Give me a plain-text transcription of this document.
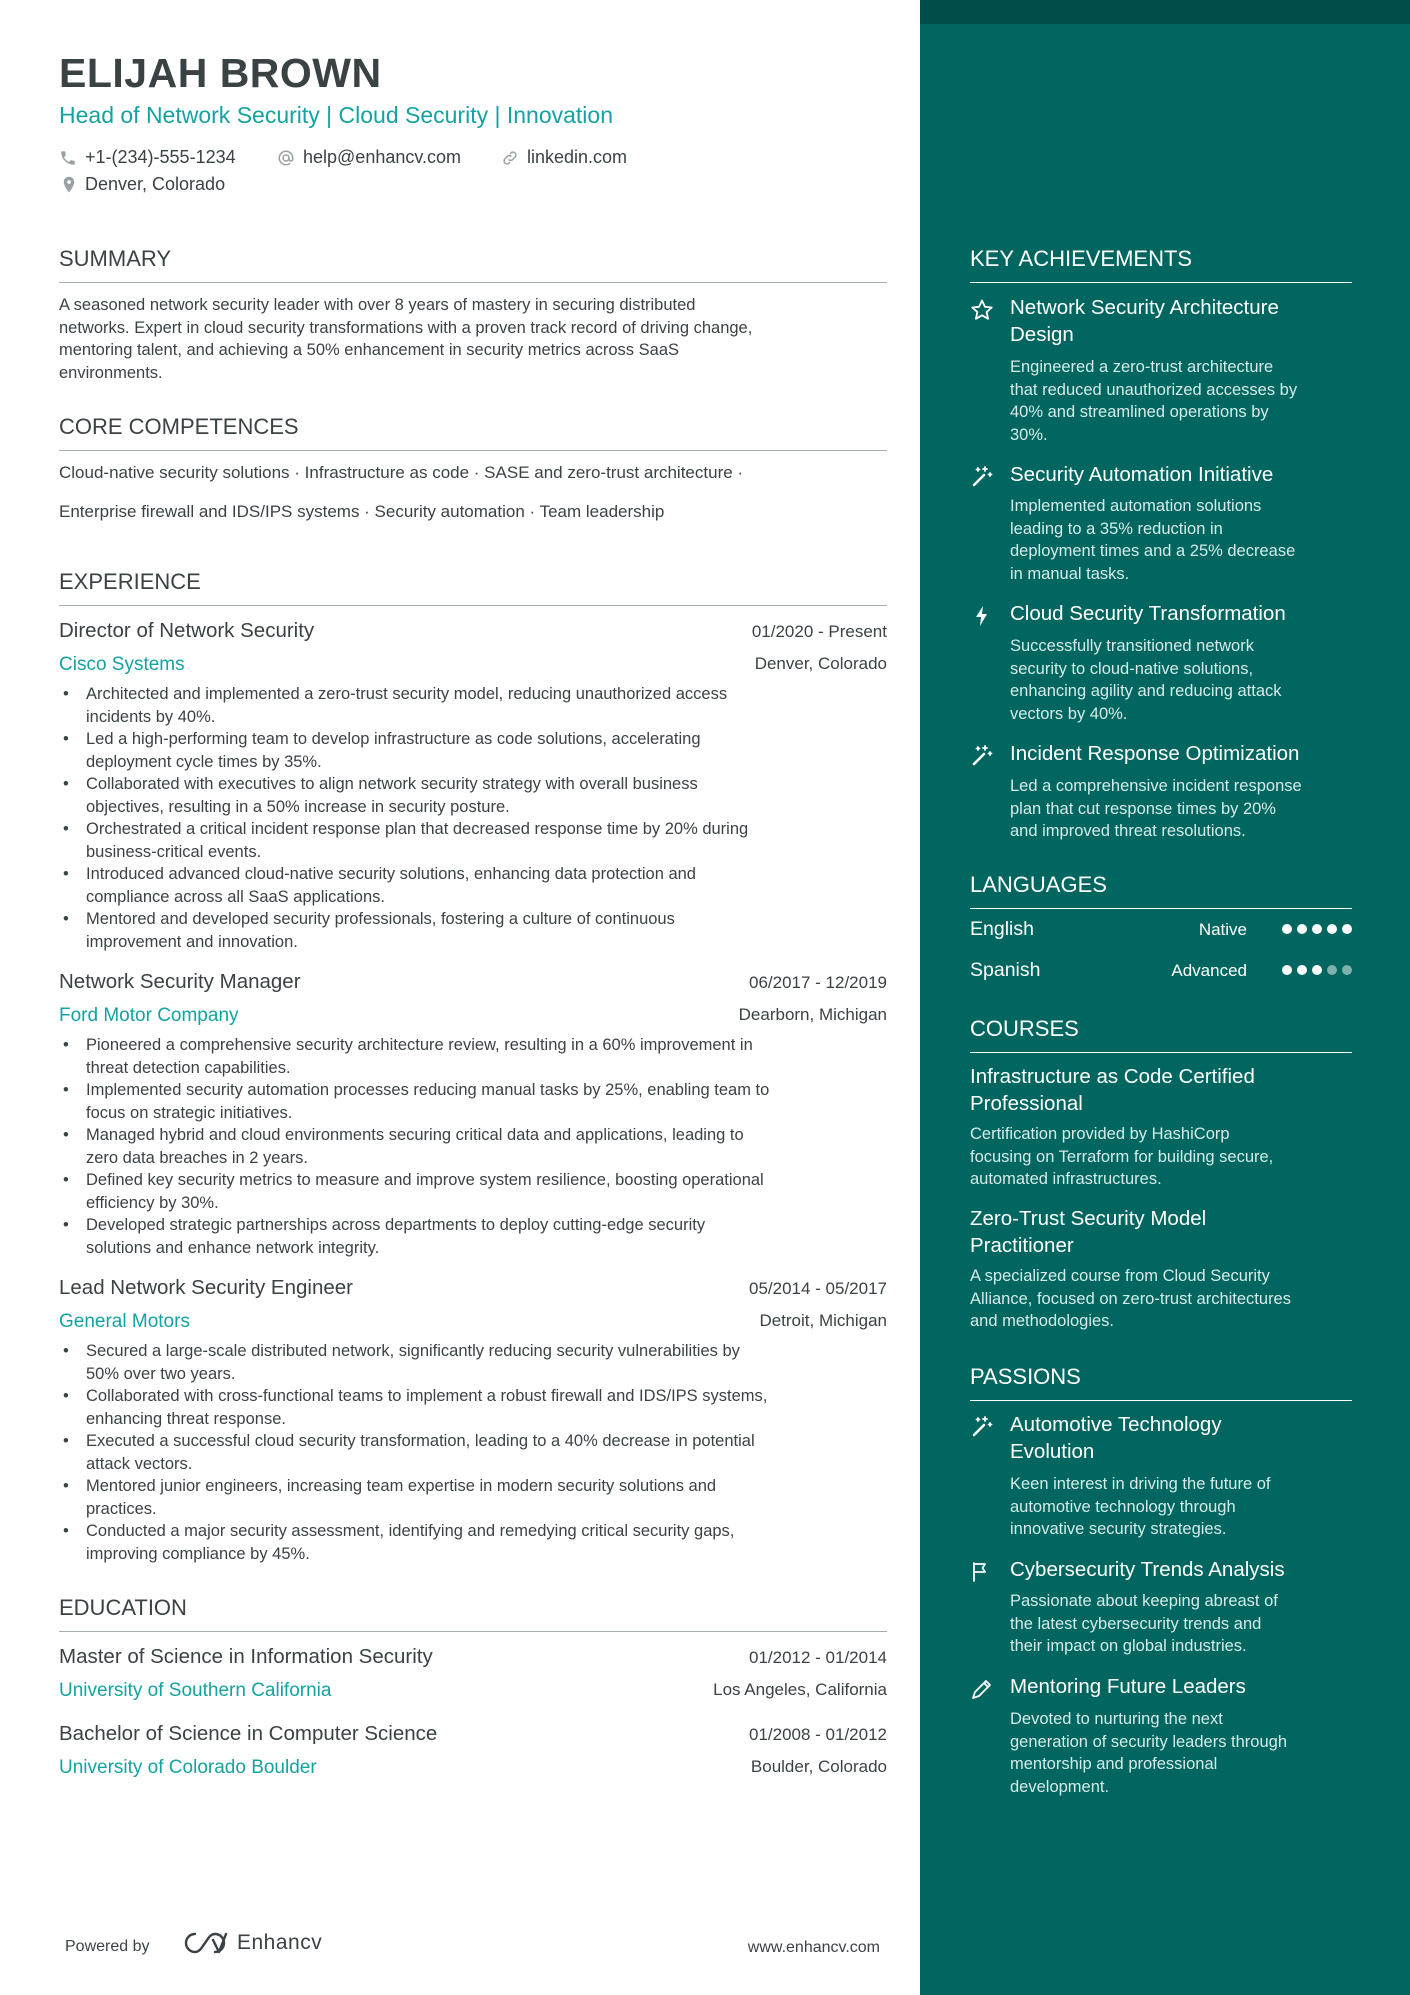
ELIJAH BROWN
Head of Network Security | Cloud Security | Innovation
+1-(234)-555-1234	help@enhancv.com	linkedin.com
Denver, Colorado
SUMMARY
A seasoned network security leader with over 8 years of mastery in securing distributed
networks. Expert in cloud security transformations with a proven track record of driving change,
mentoring talent, and achieving a 50% enhancement in security metrics across SaaS
environments.
CORE COMPETENCES
Cloud-native security solutions · Infrastructure as code · SASE and zero-trust architecture ·
Enterprise firewall and IDS/IPS systems · Security automation · Team leadership
EXPERIENCE
Director of Network Security	01/2020 - Present
Cisco Systems	Denver, Colorado
• Architected and implemented a zero-trust security model, reducing unauthorized access
incidents by 40%.
• Led a high-performing team to develop infrastructure as code solutions, accelerating
deployment cycle times by 35%.
• Collaborated with executives to align network security strategy with overall business
objectives, resulting in a 50% increase in security posture.
• Orchestrated a critical incident response plan that decreased response time by 20% during
business-critical events.
• Introduced advanced cloud-native security solutions, enhancing data protection and
compliance across all SaaS applications.
• Mentored and developed security professionals, fostering a culture of continuous
improvement and innovation.
Network Security Manager	06/2017 - 12/2019
Ford Motor Company	Dearborn, Michigan
• Pioneered a comprehensive security architecture review, resulting in a 60% improvement in
threat detection capabilities.
• Implemented security automation processes reducing manual tasks by 25%, enabling team to
focus on strategic initiatives.
• Managed hybrid and cloud environments securing critical data and applications, leading to
zero data breaches in 2 years.
• Defined key security metrics to measure and improve system resilience, boosting operational
efficiency by 30%.
• Developed strategic partnerships across departments to deploy cutting-edge security
solutions and enhance network integrity.
Lead Network Security Engineer	05/2014 - 05/2017
General Motors	Detroit, Michigan
• Secured a large-scale distributed network, significantly reducing security vulnerabilities by
50% over two years.
• Collaborated with cross-functional teams to implement a robust firewall and IDS/IPS systems,
enhancing threat response.
• Executed a successful cloud security transformation, leading to a 40% decrease in potential
attack vectors.
• Mentored junior engineers, increasing team expertise in modern security solutions and
practices.
• Conducted a major security assessment, identifying and remedying critical security gaps,
improving compliance by 45%.
EDUCATION
Master of Science in Information Security	01/2012 - 01/2014
University of Southern California	Los Angeles, California
Bachelor of Science in Computer Science	01/2008 - 01/2012
University of Colorado Boulder	Boulder, Colorado
KEY ACHIEVEMENTS
Network Security Architecture
Design
Engineered a zero-trust architecture
that reduced unauthorized accesses by
40% and streamlined operations by
30%.
Security Automation Initiative
Implemented automation solutions
leading to a 35% reduction in
deployment times and a 25% decrease
in manual tasks.
Cloud Security Transformation
Successfully transitioned network
security to cloud-native solutions,
enhancing agility and reducing attack
vectors by 40%.
Incident Response Optimization
Led a comprehensive incident response
plan that cut response times by 20%
and improved threat resolutions.
LANGUAGES
English	Native
Spanish	Advanced
COURSES
Infrastructure as Code Certified
Professional
Certification provided by HashiCorp
focusing on Terraform for building secure,
automated infrastructures.
Zero-Trust Security Model
Practitioner
A specialized course from Cloud Security
Alliance, focused on zero-trust architectures
and methodologies.
PASSIONS
Automotive Technology
Evolution
Keen interest in driving the future of
automotive technology through
innovative security strategies.
Cybersecurity Trends Analysis
Passionate about keeping abreast of
the latest cybersecurity trends and
their impact on global industries.
Mentoring Future Leaders
Devoted to nurturing the next
generation of security leaders through
mentorship and professional
development.
Powered by	Enhancv	www.enhancv.com
